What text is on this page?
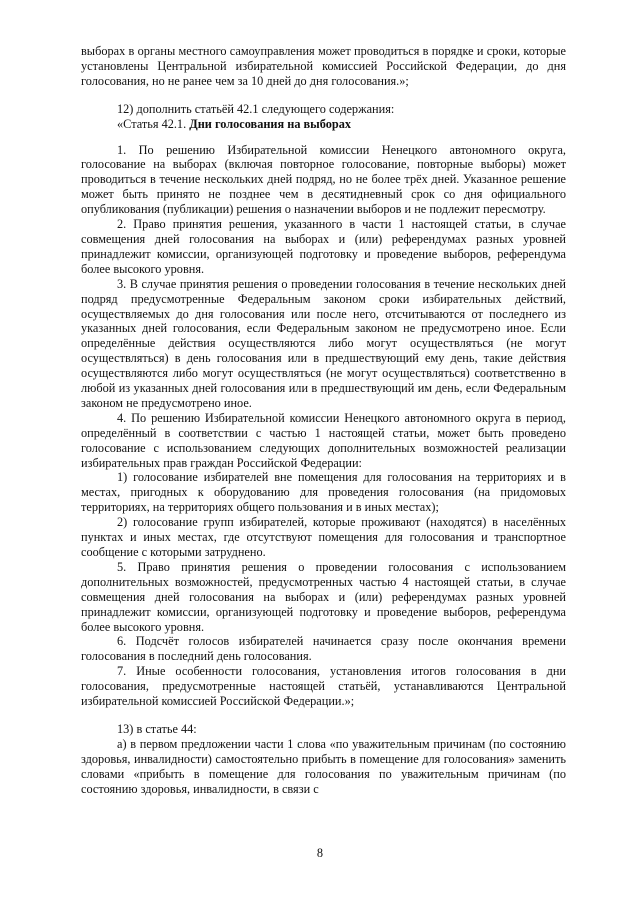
выборах в органы местного самоуправления может проводиться в порядке и сроки, которые установлены Центральной избирательной комиссией Российской Федерации, до дня голосования, но не ранее чем за 10 дней до дня голосования.»;

12) дополнить статьёй 42.1 следующего содержания:

«Статья 42.1. Дни голосования на выборах

1. По решению Избирательной комиссии Ненецкого автономного округа, голосование на выборах (включая повторное голосование, повторные выборы) может проводиться в течение нескольких дней подряд, но не более трёх дней. Указанное решение может быть принято не позднее чем в десятидневный срок со дня официального опубликования (публикации) решения о назначении выборов и не подлежит пересмотру.

2. Право принятия решения, указанного в части 1 настоящей статьи, в случае совмещения дней голосования на выборах и (или) референдумах разных уровней принадлежит комиссии, организующей подготовку и проведение выборов, референдума более высокого уровня.

3. В случае принятия решения о проведении голосования в течение нескольких дней подряд предусмотренные Федеральным законом сроки избирательных действий, осуществляемых до дня голосования или после него, отсчитываются от последнего из указанных дней голосования, если Федеральным законом не предусмотрено иное. Если определённые действия осуществляются либо могут осуществляться (не могут осуществляться) в день голосования или в предшествующий ему день, такие действия осуществляются либо могут осуществляться (не могут осуществляться) соответственно в любой из указанных дней голосования или в предшествующий им день, если Федеральным законом не предусмотрено иное.

4. По решению Избирательной комиссии Ненецкого автономного округа в период, определённый в соответствии с частью 1 настоящей статьи, может быть проведено голосование с использованием следующих дополнительных возможностей реализации избирательных прав граждан Российской Федерации:

1) голосование избирателей вне помещения для голосования на территориях и в местах, пригодных к оборудованию для проведения голосования (на придомовых территориях, на территориях общего пользования и в иных местах);

2) голосование групп избирателей, которые проживают (находятся) в населённых пунктах и иных местах, где отсутствуют помещения для голосования и транспортное сообщение с которыми затруднено.

5. Право принятия решения о проведении голосования с использованием дополнительных возможностей, предусмотренных частью 4 настоящей статьи, в случае совмещения дней голосования на выборах и (или) референдумах разных уровней принадлежит комиссии, организующей подготовку и проведение выборов, референдума более высокого уровня.

6. Подсчёт голосов избирателей начинается сразу после окончания времени голосования в последний день голосования.

7. Иные особенности голосования, установления итогов голосования в дни голосования, предусмотренные настоящей статьёй, устанавливаются Центральной избирательной комиссией Российской Федерации.»;

13) в статье 44:

а) в первом предложении части 1 слова «по уважительным причинам (по состоянию здоровья, инвалидности) самостоятельно прибыть в помещение для голосования» заменить словами «прибыть в помещение для голосования по уважительным причинам (по состоянию здоровья, инвалидности, в связи с

8
